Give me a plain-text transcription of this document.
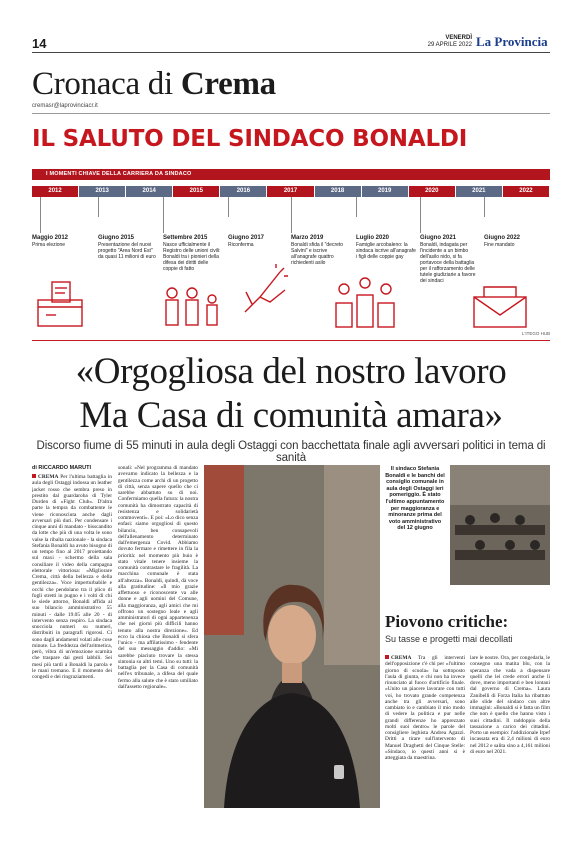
14	VENERDÌ
29 APRILE 2022 La Provincia
Cronaca di Crema
cremasr@laprovinciacr.it
IL SALUTO DEL SINDACO BONALDI
I MOMENTI CHIAVE DELLA CARRIERA DA SINDACO
2012	2013	2014	2015	2016	2017	2018	2019	2020	2021	2022
Maggio 2012
Prima elezione
Giugno 2015
Presentazione del nuovi progetto "Area Nord Est" da quasi 11 milioni di euro
Settembre 2015
Nasce ufficialmente il Registro delle unioni civili: Bonaldi tra i pionieri della difesa dei diritti delle coppie di fatto
Giugno 2017
Riconferma
Marzo 2019
Bonaldi sfida il "decreto Salvini" e iscrive all'anagrafe quattro richiedenti asilo
Luglio 2020
Famiglie arcobaleno: la sindaca iscrive all'anagrafe i figli delle coppie gay
Giugno 2021
Bonaldi, indagata per l'incidente a un bimbo dell'asilo nido, si fa portavoce della battaglia per il rafforzamento delle tutele giudiziarie a favore dei sindaci
Giugno 2022
Fine mandato
L'ITEGO HUB
«Orgogliosa del nostro lavoro
Ma Casa di comunità amara»
Discorso fiume di 55 minuti in aula degli Ostaggi con bacchettata finale agli avversari politici in tema di sanità
di RICCARDO MARUTI
CREMA Per l'ultima battaglia in aula degli Ostaggi indossa un leather jacket rosso che sembra preso in prestito dal guardaroba di Tyler Durden di «Fight Club». D'altra parte la tempra da combattente le viene riconosciuta anche dagli avversari più duri. Per condensare i cinque anni di mandato - bisscandito da lotte che più di una volta le sono valse la ribalta nazionale - la sindaca Stefania Bonaldi ha avuto bisogno di un tempo fino al 2017 proiettando sul maxi - schermo della sala consiliare il video della campagna elettorale vittoriosa: «Migliorare Crema, città della bellezza e della gentilezza». Voce imperturbabile e occhi che pendolano tra il plico di fogli stretti in pugno e i volti di chi le siede attorno, Bonaldi affida al suo bilancio amministrativo 55 minuti - dalle 19.05 alle 20 - di intervento senza respiro. La sindaca snocciola numeri su numeri, distribuiti in paragrafi rigorosi. Ci sono dagli andamenti volati alle cose minute. La freddezza dell'aritmetica, però, vibra di un'emozione scarnita che traspare dai gesti labbili. Sei mesi più tardi a Bonaldi la parola e le mani tremano. E il momento dei congedi e dei ringraziamenti.
sonali: «Nel programma di mandato avevamo indicato la bellezza e la gentilezza come archi di un progetto di città, senza sapere quello che ci sarebbe abbattuto su di noi. Confermiamo quella futura: la nostra comunità ha dimostrato capacità di resistenza e solidarietà commoventi». E poi: «Lo dico senza enfasi: siamo orgogliosi di questo bilancio, ben consapevoli dell'allenamento determinato dall'emergenza Covid. Abbiamo dovuto fermare e rimettere in fila la priorità: nel momento più buio è stato vitale tenere insieme la comunità contrastare le fragilità. La macchina comunale è stata all'altezza». Bonaldi, quindi, dà voce alla gratitudine: «Il mio grazie affettuoso e riconoscente va alle donne e agli uomini del Comune, alla maggioranza, agli amici che mi offrono un sostegno leale e agli amministratori di ogni appartenenza che nei giorni più difficili hanno tenuto alla nostra direzione». Ed ecco la chiosa che Bonaldi si sfera l'unico - ma affilatissimo - fendente del suo messaggio d'addio: «Mi sarebbe piaciuto trovare la stessa sintonia su altri temi. Uno su tutti: la battaglia per la Casa di comunità nell'ex tribunale, a difesa del quale fermo alla salute che è stato umiliato dall'assetto regionale».
Il sindaco Stefania Bonaldi e le banchi del consiglio comunale in aula degli Ostaggi ieri pomeriggio. È stato l'ultimo appuntamento per maggioranza e minoranze prima del voto amministrativo del 12 giugno
Piovono critiche:
Su tasse e progetti mai decollati
CREMA Tra gli interventi dell'opposizione c'è chi per «l'ultimo giorno di scuola» ha sottoposto l'aula di giunta, e chi non ha invece rinunciato al fuoco d'artificio finale. «Unito un piacere lavorare con tutti voi, ho trovato grande competenza anche tra gli avversari, sono cambiato io e cambiato il mio modo di vedere la politica e pur nelle grandi differenze ho apprezzato molti suoi dentro» le parole del consigliere leghista Andrea Agazzi. Dritti a tirare sull'intervento di Manuel Draghetti del Cinque Stelle: «Sindaco, io questi anni si è atteggiata da maestrina.
lare le nostre. Ora, per congedarla, le consegno una matita blu, con la speranza che vada a dispensare quelli che lei crede errori anche lì dove, meno importanti e ben lontani dal governo di Crema». Laura Zanibelli di Forza Italia ha ribattuto alle slide del sindaco con altre immagini: «Bonaldi si è fatta un film che non è quello che hanno visto i suoi cittadini. Il raddoppio della tassazione a carico dei cittadini. Porto un esempio: l'addizionale Irpef incassata era di 2,4 milioni di euro nel 2012 e salita sino a 4,161 milioni di euro nel 2021.
